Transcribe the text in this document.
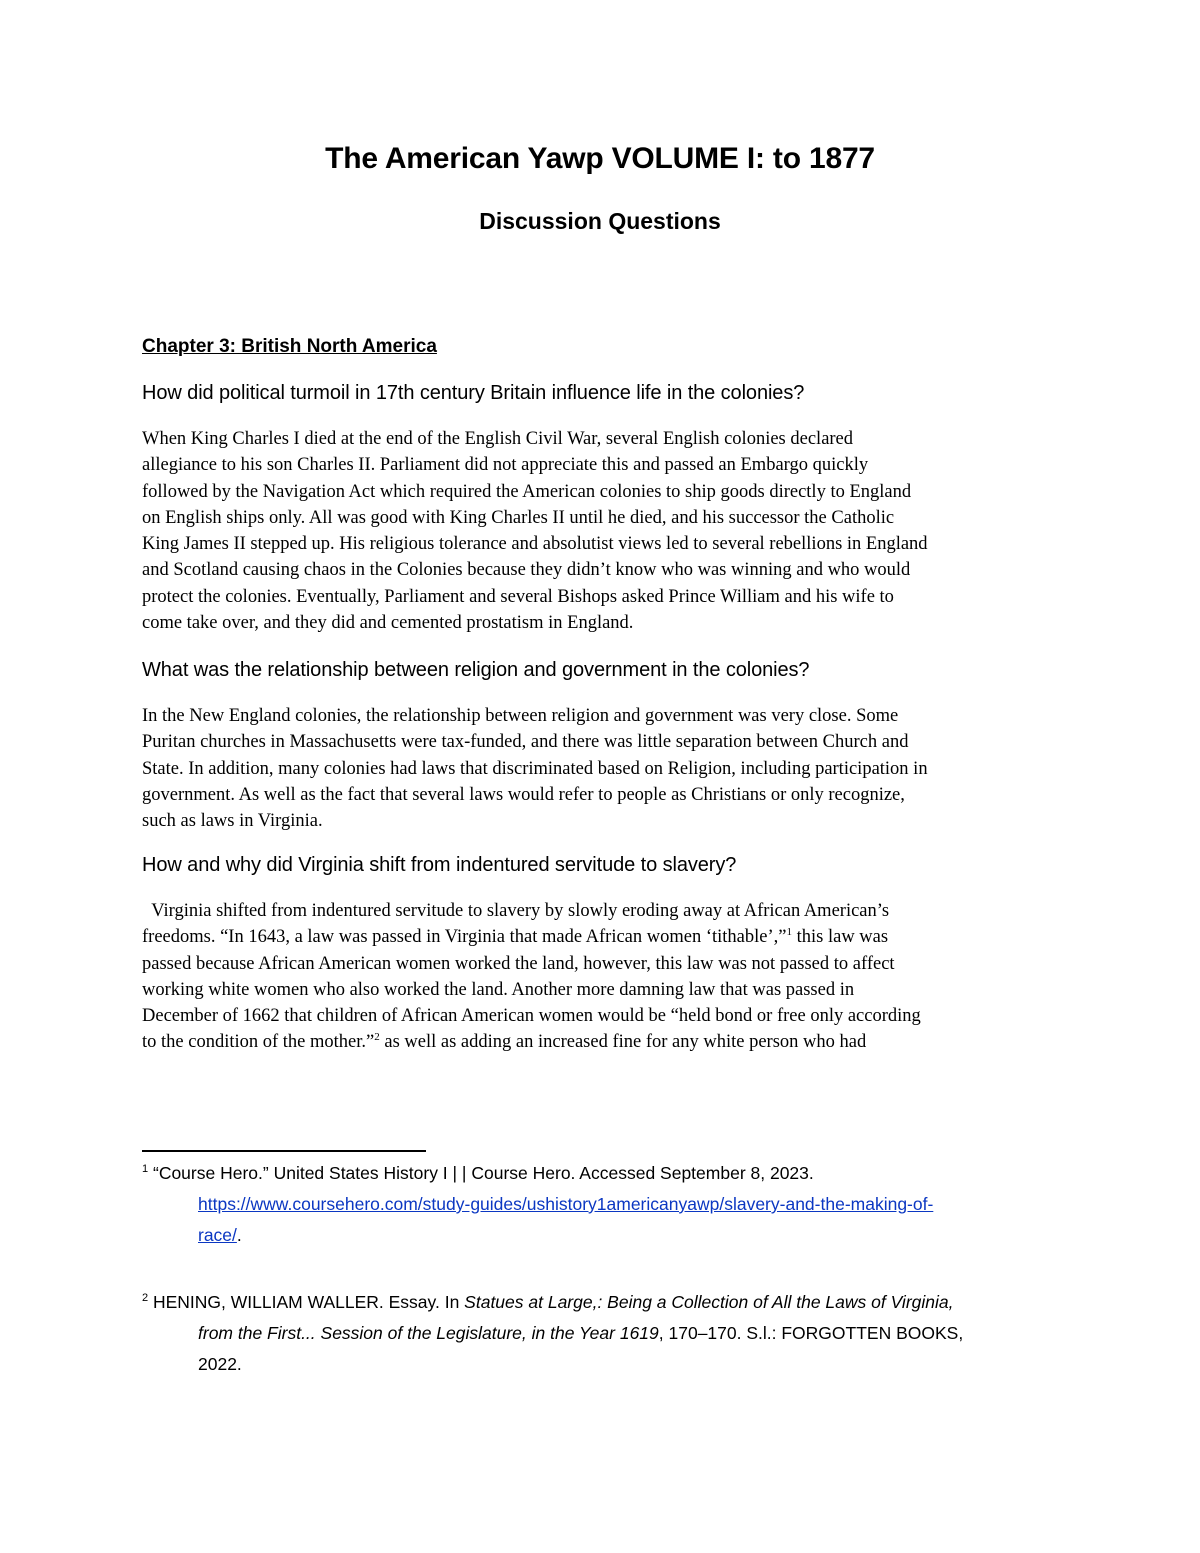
The American Yawp VOLUME I: to 1877
Discussion Questions
Chapter 3: British North America
How did political turmoil in 17th century Britain influence life in the colonies?
When King Charles I died at the end of the English Civil War, several English colonies declared
allegiance to his son Charles II. Parliament did not appreciate this and passed an Embargo quickly
followed by the Navigation Act which required the American colonies to ship goods directly to England
on English ships only. All was good with King Charles II until he died, and his successor the Catholic
King James II stepped up. His religious tolerance and absolutist views led to several rebellions in England
and Scotland causing chaos in the Colonies because they didn’t know who was winning and who would
protect the colonies. Eventually, Parliament and several Bishops asked Prince William and his wife to
come take over, and they did and cemented prostatism in England.
What was the relationship between religion and government in the colonies?
In the New England colonies, the relationship between religion and government was very close. Some
Puritan churches in Massachusetts were tax-funded, and there was little separation between Church and
State. In addition, many colonies had laws that discriminated based on Religion, including participation in
government. As well as the fact that several laws would refer to people as Christians or only recognize,
such as laws in Virginia.
How and why did Virginia shift from indentured servitude to slavery?
Virginia shifted from indentured servitude to slavery by slowly eroding away at African American’s
freedoms. “In 1643, a law was passed in Virginia that made African women ‘tithable’,”$^1$ this law was
passed because African American women worked the land, however, this law was not passed to affect
working white women who also worked the land. Another more damning law that was passed in
December of 1662 that children of African American women would be “held bond or free only according
to the condition of the mother.”$^2$ as well as adding an increased fine for any white person who had
$^1$ “Course Hero.” United States History I | | Course Hero. Accessed September 8, 2023.
https://www.coursehero.com/study-guides/ushistory1americanyawp/slavery-and-the-making-of-
race/.
$^2$ HENING, WILLIAM WALLER. Essay. In Statues at Large,: Being a Collection of All the Laws of Virginia,
from the First... Session of the Legislature, in the Year 1619, 170–170. S.l.: FORGOTTEN BOOKS,
2022.
